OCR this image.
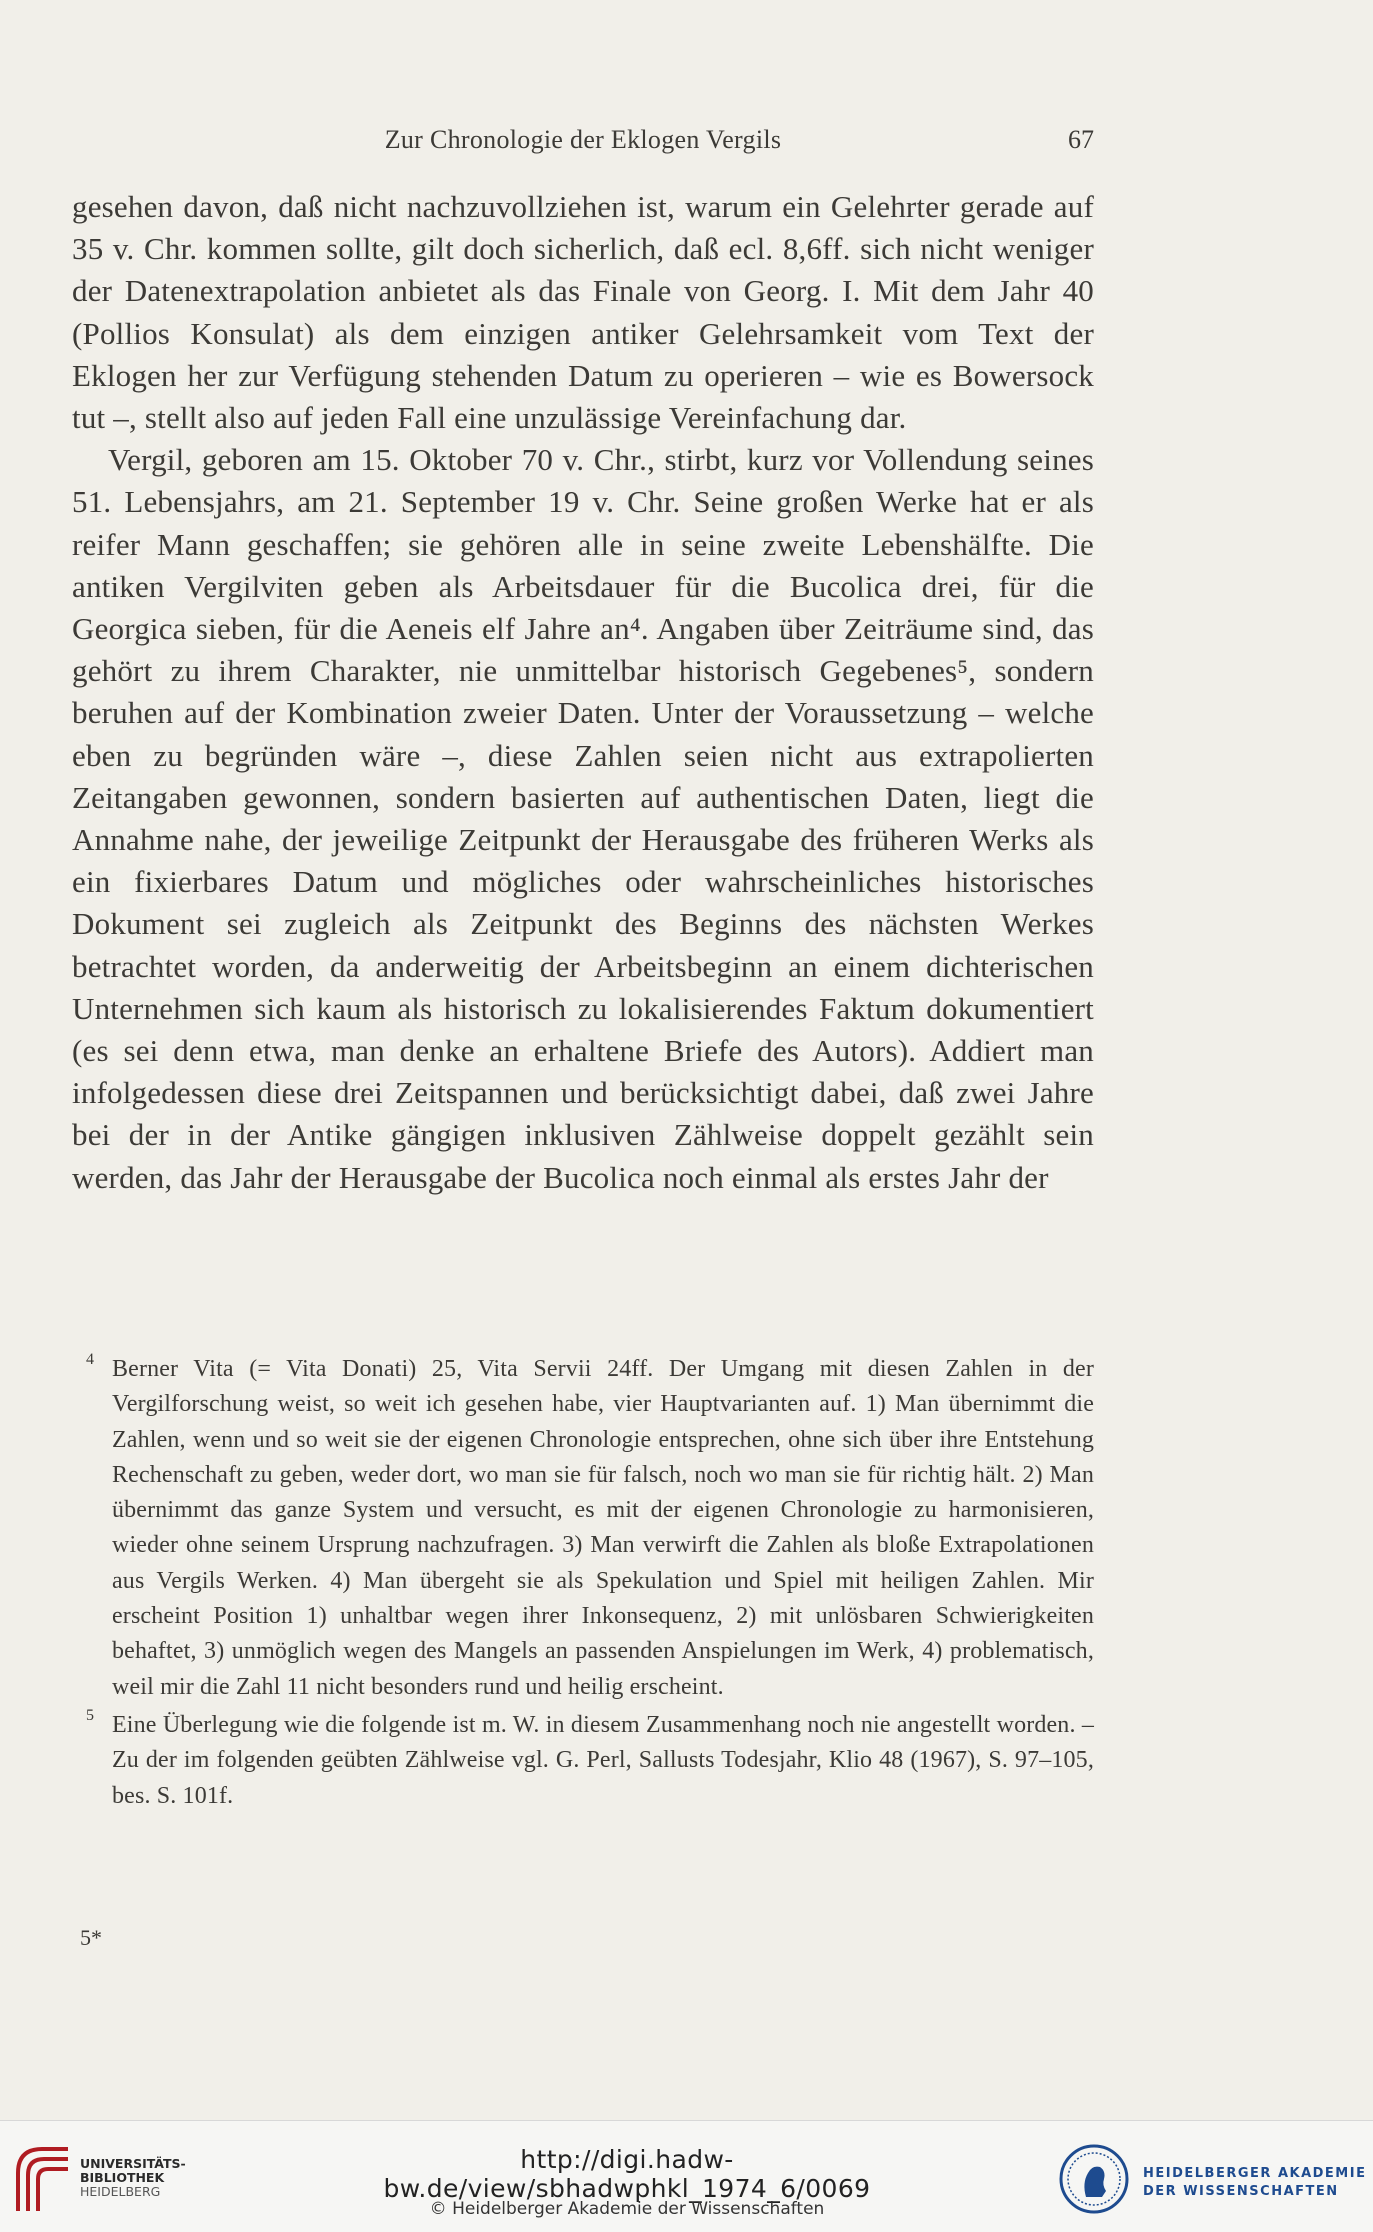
Zur Chronologie der Eklogen Vergils	67

gesehen davon, daß nicht nachzuvollziehen ist, warum ein Gelehrter gerade auf 35 v. Chr. kommen sollte, gilt doch sicherlich, daß ecl. 8,6ff. sich nicht weniger der Datenextrapolation anbietet als das Finale von Georg. I. Mit dem Jahr 40 (Pollios Konsulat) als dem einzigen antiker Gelehrsamkeit vom Text der Eklogen her zur Verfügung stehenden Datum zu operieren – wie es Bowersock tut –, stellt also auf jeden Fall eine unzulässige Vereinfachung dar.

Vergil, geboren am 15. Oktober 70 v. Chr., stirbt, kurz vor Vollendung seines 51. Lebensjahrs, am 21. September 19 v. Chr. Seine großen Werke hat er als reifer Mann geschaffen; sie gehören alle in seine zweite Lebenshälfte. Die antiken Vergilviten geben als Arbeitsdauer für die Bucolica drei, für die Georgica sieben, für die Aeneis elf Jahre an⁴. Angaben über Zeiträume sind, das gehört zu ihrem Charakter, nie unmittelbar historisch Gegebenes⁵, sondern beruhen auf der Kombination zweier Daten. Unter der Voraussetzung – welche eben zu begründen wäre –, diese Zahlen seien nicht aus extrapolierten Zeitangaben gewonnen, sondern basierten auf authentischen Daten, liegt die Annahme nahe, der jeweilige Zeitpunkt der Herausgabe des früheren Werks als ein fixierbares Datum und mögliches oder wahrscheinliches historisches Dokument sei zugleich als Zeitpunkt des Beginns des nächsten Werkes betrachtet worden, da anderweitig der Arbeitsbeginn an einem dichterischen Unternehmen sich kaum als historisch zu lokalisierendes Faktum dokumentiert (es sei denn etwa, man denke an erhaltene Briefe des Autors). Addiert man infolgedessen diese drei Zeitspannen und berücksichtigt dabei, daß zwei Jahre bei der in der Antike gängigen inklusiven Zählweise doppelt gezählt sein werden, das Jahr der Herausgabe der Bucolica noch einmal als erstes Jahr der

4 Berner Vita (= Vita Donati) 25, Vita Servii 24ff. Der Umgang mit diesen Zahlen in der Vergilforschung weist, so weit ich gesehen habe, vier Hauptvarianten auf. 1) Man übernimmt die Zahlen, wenn und so weit sie der eigenen Chronologie entsprechen, ohne sich über ihre Entstehung Rechenschaft zu geben, weder dort, wo man sie für falsch, noch wo man sie für richtig hält. 2) Man übernimmt das ganze System und versucht, es mit der eigenen Chronologie zu harmonisieren, wieder ohne seinem Ursprung nachzufragen. 3) Man verwirft die Zahlen als bloße Extrapolationen aus Vergils Werken. 4) Man übergeht sie als Spekulation und Spiel mit heiligen Zahlen. Mir erscheint Position 1) unhaltbar wegen ihrer Inkonsequenz, 2) mit unlösbaren Schwierigkeiten behaftet, 3) unmöglich wegen des Mangels an passenden Anspielungen im Werk, 4) problematisch, weil mir die Zahl 11 nicht besonders rund und heilig erscheint.
5 Eine Überlegung wie die folgende ist m. W. in diesem Zusammenhang noch nie angestellt worden. – Zu der im folgenden geübten Zählweise vgl. G. Perl, Sallusts Todesjahr, Klio 48 (1967), S. 97–105, bes. S. 101f.
5*
UNIVERSITÄTS-
BIBLIOTHEK
HEIDELBERG
http://digi.hadw-bw.de/view/sbhadwphkl_1974_6/0069
© Heidelberger Akademie der Wissenschaften
HEIDELBERGER AKADEMIE
DER WISSENSCHAFTEN
